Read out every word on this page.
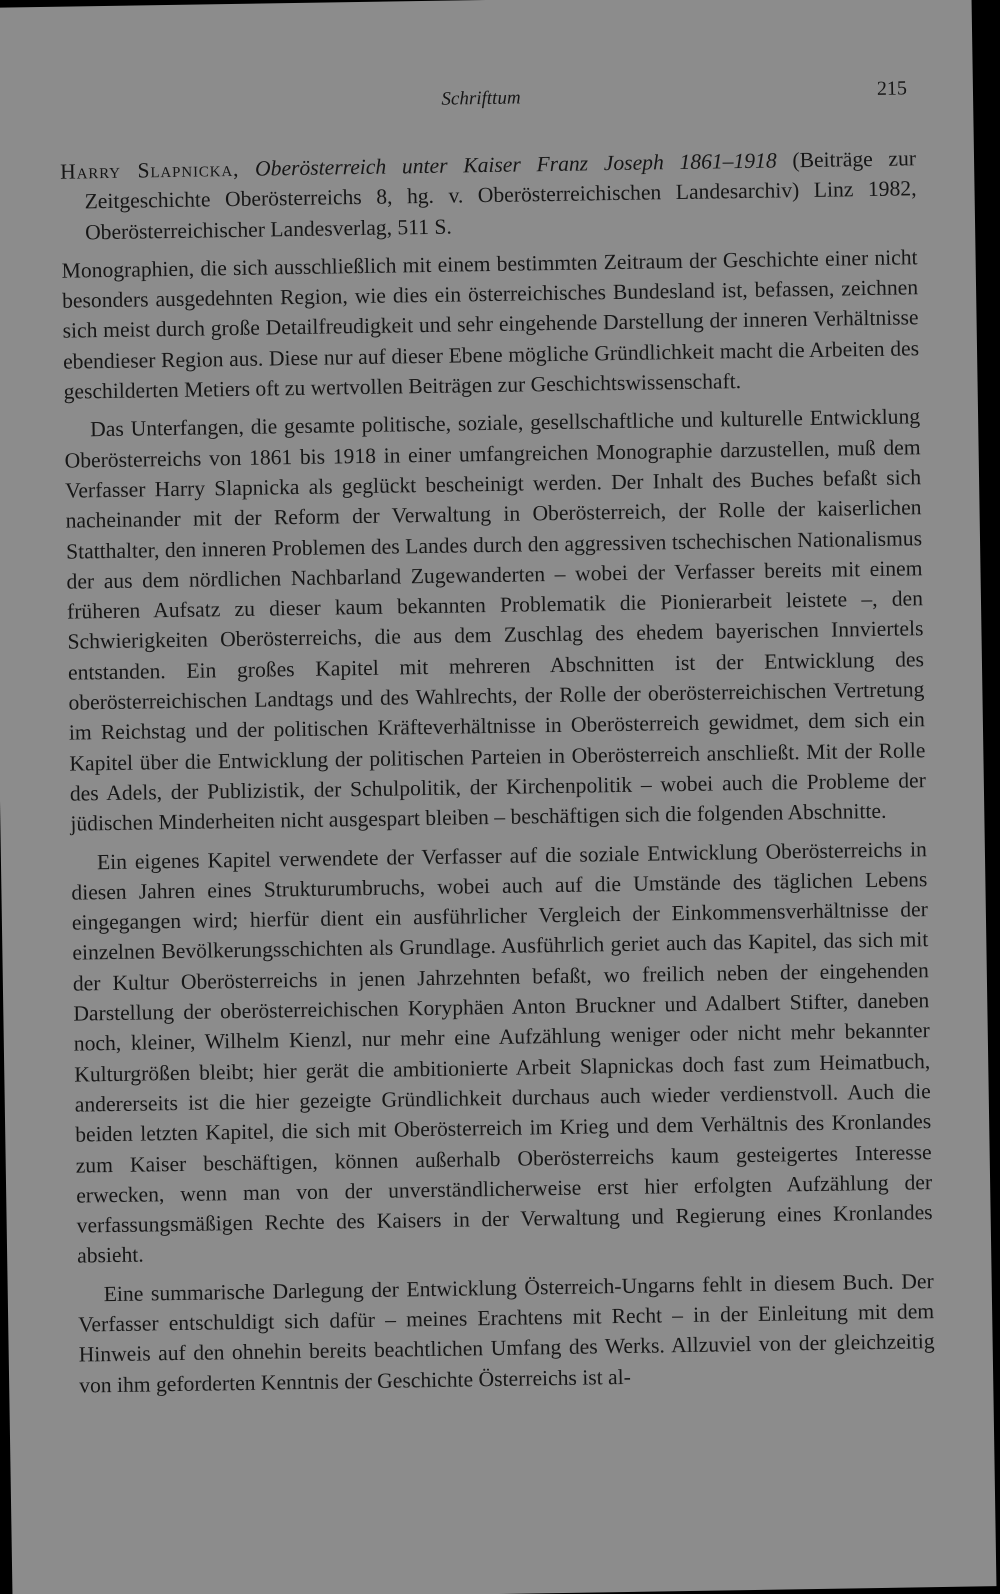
Schrifttum	215

Harry Slapnicka, Oberösterreich unter Kaiser Franz Joseph 1861–1918 (Beiträge zur Zeitgeschichte Oberösterreichs 8, hg. v. Oberösterreichischen Landesarchiv) Linz 1982, Oberösterreichischer Landesverlag, 511 S.

Monographien, die sich ausschließlich mit einem bestimmten Zeitraum der Geschichte einer nicht besonders ausgedehnten Region, wie dies ein österreichisches Bundesland ist, befassen, zeichnen sich meist durch große Detailfreudigkeit und sehr eingehende Darstellung der inneren Verhältnisse ebendieser Region aus. Diese nur auf dieser Ebene mögliche Gründlichkeit macht die Arbeiten des geschilderten Metiers oft zu wertvollen Beiträgen zur Geschichtswissenschaft.

Das Unterfangen, die gesamte politische, soziale, gesellschaftliche und kulturelle Entwicklung Oberösterreichs von 1861 bis 1918 in einer umfangreichen Monographie darzustellen, muß dem Verfasser Harry Slapnicka als geglückt bescheinigt werden. Der Inhalt des Buches befaßt sich nacheinander mit der Reform der Verwaltung in Oberösterreich, der Rolle der kaiserlichen Statthalter, den inneren Problemen des Landes durch den aggressiven tschechischen Nationalismus der aus dem nördlichen Nachbarland Zugewanderten – wobei der Verfasser bereits mit einem früheren Aufsatz zu dieser kaum bekannten Problematik die Pionierarbeit leistete –, den Schwierigkeiten Oberösterreichs, die aus dem Zuschlag des ehedem bayerischen Innviertels entstanden. Ein großes Kapitel mit mehreren Abschnitten ist der Entwicklung des oberösterreichischen Landtags und des Wahlrechts, der Rolle der oberösterreichischen Vertretung im Reichstag und der politischen Kräfteverhältnisse in Oberösterreich gewidmet, dem sich ein Kapitel über die Entwicklung der politischen Parteien in Oberösterreich anschließt. Mit der Rolle des Adels, der Publizistik, der Schulpolitik, der Kirchenpolitik – wobei auch die Probleme der jüdischen Minderheiten nicht ausgespart bleiben – beschäftigen sich die folgenden Abschnitte.

Ein eigenes Kapitel verwendete der Verfasser auf die soziale Entwicklung Oberösterreichs in diesen Jahren eines Strukturumbruchs, wobei auch auf die Umstände des täglichen Lebens eingegangen wird; hierfür dient ein ausführlicher Vergleich der Einkommensverhältnisse der einzelnen Bevölkerungsschichten als Grundlage. Ausführlich geriet auch das Kapitel, das sich mit der Kultur Oberösterreichs in jenen Jahrzehnten befaßt, wo freilich neben der eingehenden Darstellung der oberösterreichischen Koryphäen Anton Bruckner und Adalbert Stifter, daneben noch, kleiner, Wilhelm Kienzl, nur mehr eine Aufzählung weniger oder nicht mehr bekannter Kulturgrößen bleibt; hier gerät die ambitionierte Arbeit Slapnickas doch fast zum Heimatbuch, andererseits ist die hier gezeigte Gründlichkeit durchaus auch wieder verdienstvoll. Auch die beiden letzten Kapitel, die sich mit Oberösterreich im Krieg und dem Verhältnis des Kronlandes zum Kaiser beschäftigen, können außerhalb Oberösterreichs kaum gesteigertes Interesse erwecken, wenn man von der unverständlicherweise erst hier erfolgten Aufzählung der verfassungsmäßigen Rechte des Kaisers in der Verwaltung und Regierung eines Kronlandes absieht.

Eine summarische Darlegung der Entwicklung Österreich-Ungarns fehlt in diesem Buch. Der Verfasser entschuldigt sich dafür – meines Erachtens mit Recht – in der Einleitung mit dem Hinweis auf den ohnehin bereits beachtlichen Umfang des Werks. Allzuviel von der gleichzeitig von ihm geforderten Kenntnis der Geschichte Österreichs ist al-
